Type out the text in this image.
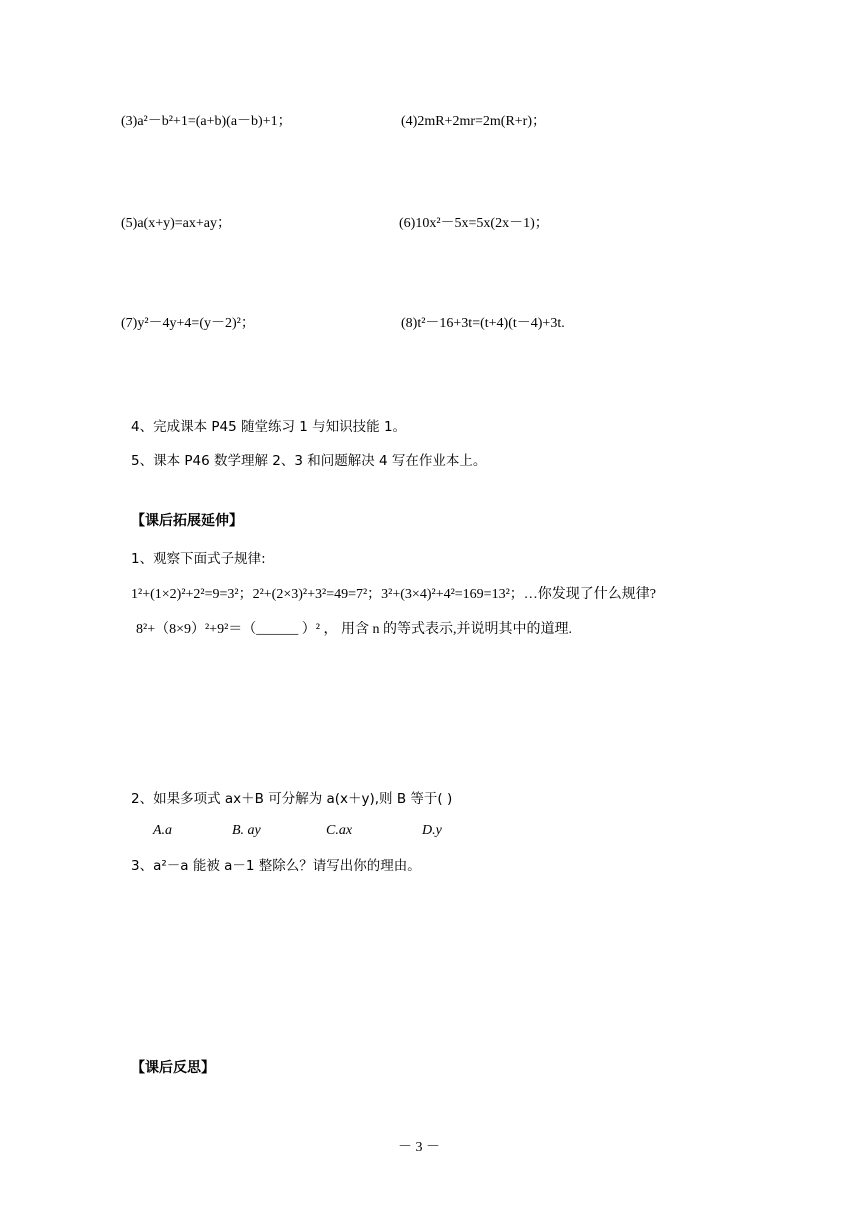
(3)a²－b²+1=(a+b)(a－b)+1；	(4)2mR+2mr=2m(R+r)；
(5)a(x+y)=ax+ay；	(6)10x²－5x=5x(2x－1)；
(7)y²－4y+4=(y－2)²；	(8)t²－16+3t=(t+4)(t－4)+3t.
4、完成课本 P45 随堂练习 1 与知识技能 1。
5、课本 P46 数学理解 2、3 和问题解决 4 写在作业本上。
【课后拓展延伸】
1、观察下面式子规律:
1²+(1×2)²+2²=9=3²；2²+(2×3)²+3²=49=7²；3²+(3×4)²+4²=169=13²；…你发现了什么规律?
8²+（8×9）²+9²＝（______ ）² ， 用含 n 的等式表示,并说明其中的道理.
2、如果多项式 ax＋B 可分解为 a(x＋y),则 B 等于( )
A.a	B. ay	C.ax	D.y
3、a²－a 能被 a－1 整除么？请写出你的理由。
【课后反思】
－ 3 －
